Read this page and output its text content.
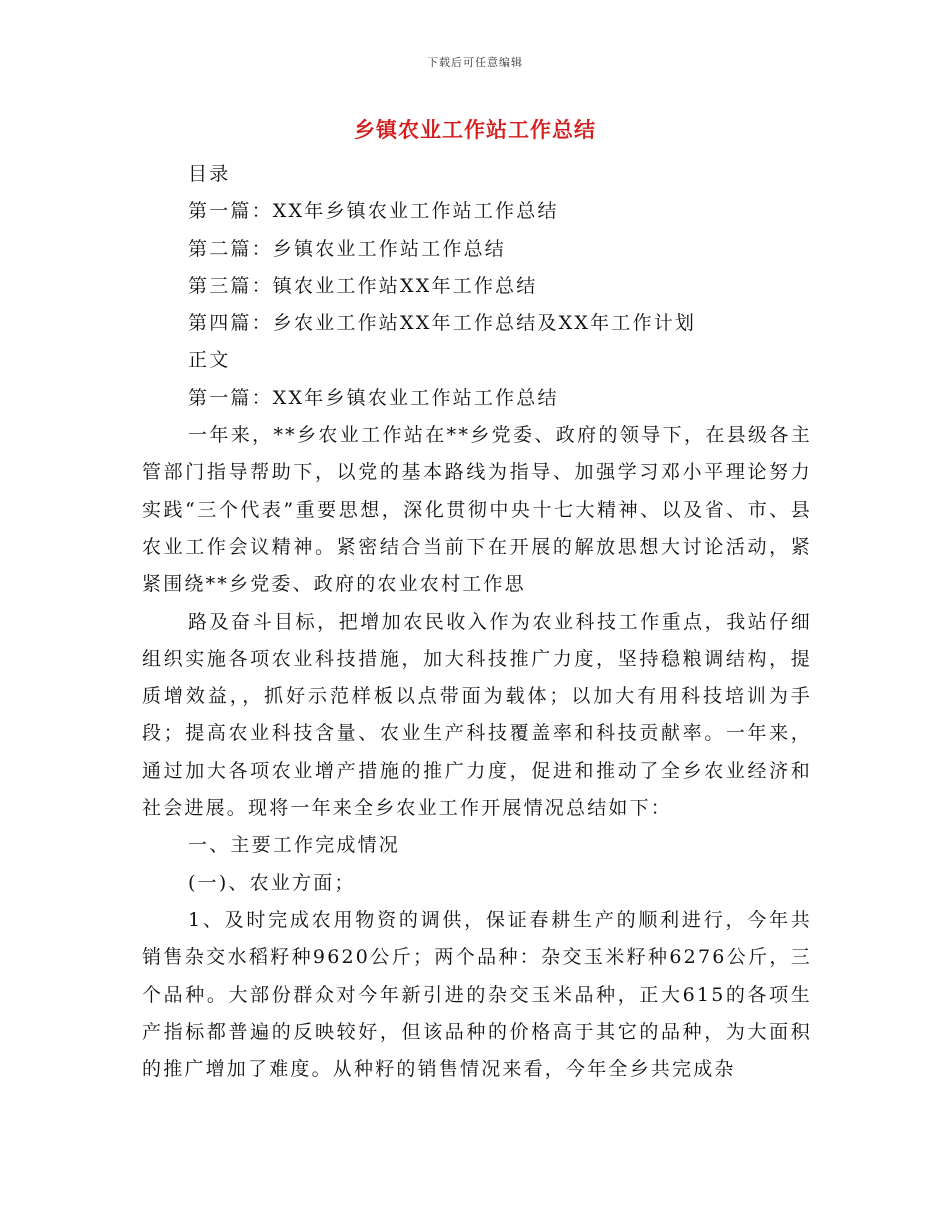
下载后可任意编辑
乡镇农业工作站工作总结

目录

第一篇：XX年乡镇农业工作站工作总结

第二篇：乡镇农业工作站工作总结

第三篇：镇农业工作站XX年工作总结

第四篇：乡农业工作站XX年工作总结及XX年工作计划

正文

第一篇：XX年乡镇农业工作站工作总结

一年来，**乡农业工作站在**乡党委、政府的领导下，在县级各主管部门指导帮助下，以党的基本路线为指导、加强学习邓小平理论努力实践“三个代表”重要思想，深化贯彻中央十七大精神、以及省、市、县农业工作会议精神。紧密结合当前下在开展的解放思想大讨论活动，紧紧围绕**乡党委、政府的农业农村工作思

路及奋斗目标，把增加农民收入作为农业科技工作重点，我站仔细组织实施各项农业科技措施，加大科技推广力度，坚持稳粮调结构，提质增效益，，抓好示范样板以点带面为载体；以加大有用科技培训为手段；提高农业科技含量、农业生产科技覆盖率和科技贡献率。一年来，通过加大各项农业增产措施的推广力度，促进和推动了全乡农业经济和社会进展。现将一年来全乡农业工作开展情况总结如下：

一、主要工作完成情况

(一)、农业方面；

1、及时完成农用物资的调供，保证春耕生产的顺利进行，今年共销售杂交水稻籽种9620公斤；两个品种：杂交玉米籽种6276公斤，三个品种。大部份群众对今年新引进的杂交玉米品种，正大615的各项生产指标都普遍的反映较好，但该品种的价格高于其它的品种，为大面积的推广增加了难度。从种籽的销售情况来看，今年全乡共完成杂
